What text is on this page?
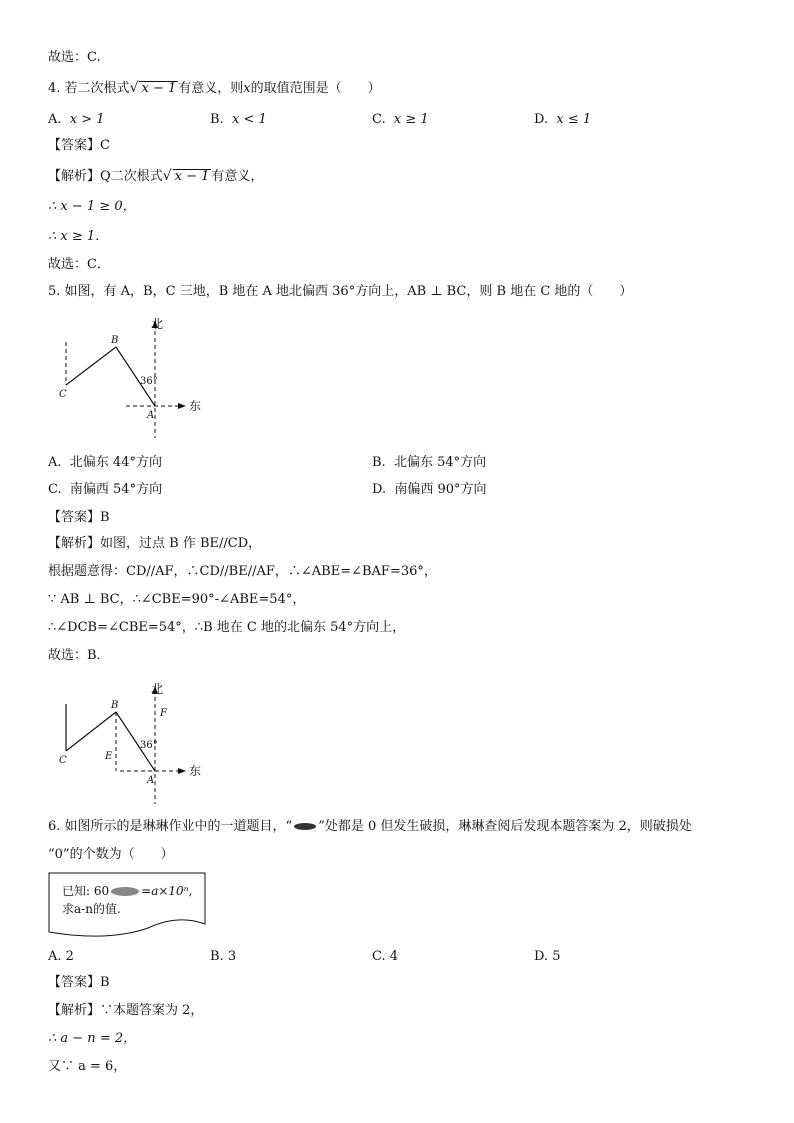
故选：C.
4. 若二次根式√ x − 1 有意义，则x的取值范围是（　　）
A. x > 1	B. x < 1	C. x ≥ 1	D. x ≤ 1
【答案】C
【解析】Q二次根式√ x − 1 有意义，
∴ x − 1 ≥ 0，
∴ x ≥ 1．
故选：C．
5. 如图，有 A，B，C 三地，B 地在 A 地北偏西 36°方向上，AB ⊥ BC，则 B 地在 C 地的（　　）
北
东
36°
B
C
A
A. 北偏东 44°方向	B. 北偏东 54°方向
C. 南偏西 54°方向	D. 南偏西 90°方向
【答案】B
【解析】如图，过点 B 作 BE//CD，
根据题意得：CD//AF，∴CD//BE//AF，∴∠ABE=∠BAF=36°，
∵ AB ⊥ BC，∴∠CBE=90°-∠ABE=54°，
∴∠DCB=∠CBE=54°，∴B 地在 C 地的北偏东 54°方向上，
故选：B．
北
东
36°
B
C
A
E
F
6. 如图所示的是琳琳作业中的一道题目，“ ”处都是 0 但发生破损，琳琳查阅后发现本题答案为 2，则破损处
“0”的个数为（　　）
已知: 60	=a×10ⁿ,
求a-n的值.
A. 2	B. 3	C. 4	D. 5
【答案】B
【解析】∵本题答案为 2，
∴ a − n = 2，
又∵ a = 6，
